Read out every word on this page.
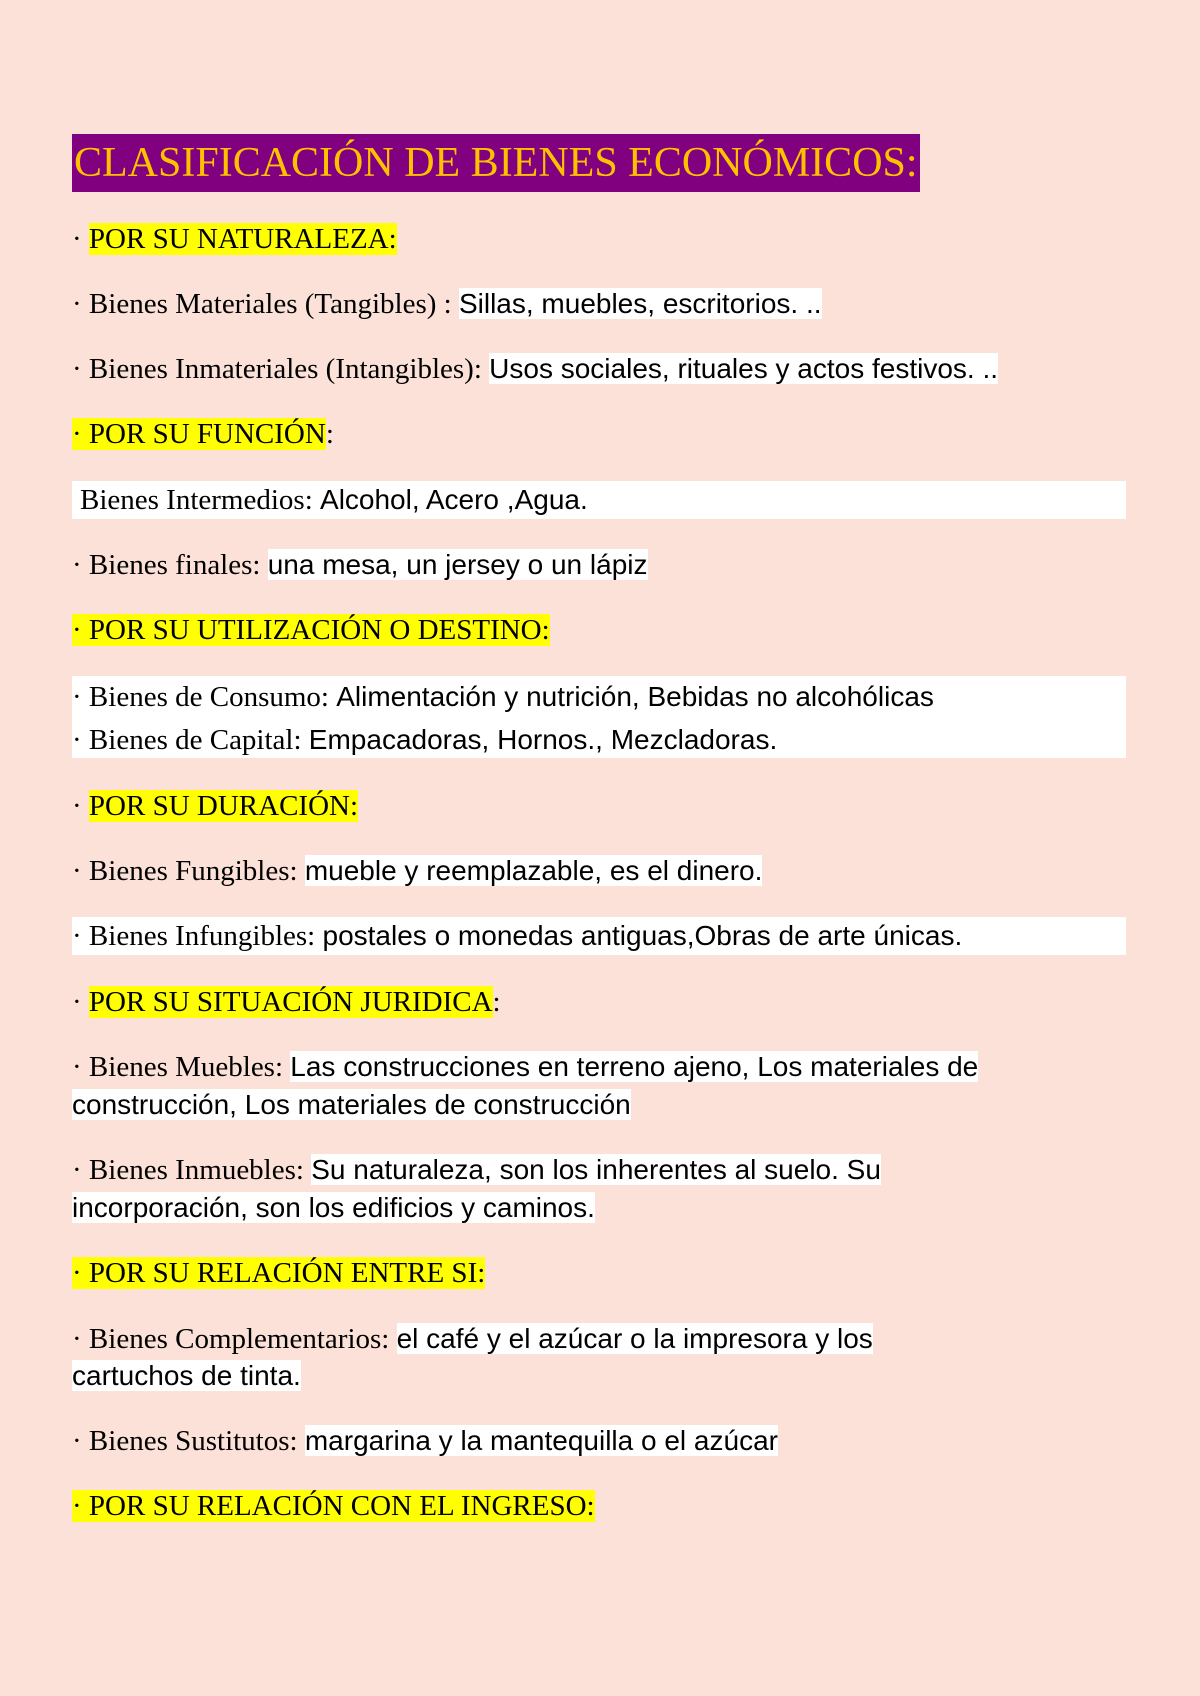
CLASIFICACIÓN DE BIENES ECONÓMICOS:
· POR SU NATURALEZA:
· Bienes Materiales (Tangibles) : Sillas, muebles, escritorios. ..
· Bienes Inmateriales (Intangibles): Usos sociales, rituales y actos festivos. ..
· POR SU FUNCIÓN:
Bienes Intermedios: Alcohol, Acero ,Agua.
· Bienes finales: una mesa, un jersey o un lápiz
· POR SU UTILIZACIÓN O DESTINO:
· Bienes de Consumo: Alimentación y nutrición, Bebidas no alcohólicas
· Bienes de Capital: Empacadoras, Hornos., Mezcladoras.
· POR SU DURACIÓN:
· Bienes Fungibles: mueble y reemplazable, es el dinero.
· Bienes Infungibles: postales o monedas antiguas,Obras de arte únicas.
· POR SU SITUACIÓN JURIDICA:
· Bienes Muebles: Las construcciones en terreno ajeno, Los materiales de
construcción, Los materiales de construcción
· Bienes Inmuebles: Su naturaleza, son los inherentes al suelo. Su
incorporación, son los edificios y caminos.
· POR SU RELACIÓN ENTRE SI:
· Bienes Complementarios: el café y el azúcar o la impresora y los
cartuchos de tinta.
· Bienes Sustitutos: margarina y la mantequilla o el azúcar
· POR SU RELACIÓN CON EL INGRESO:
